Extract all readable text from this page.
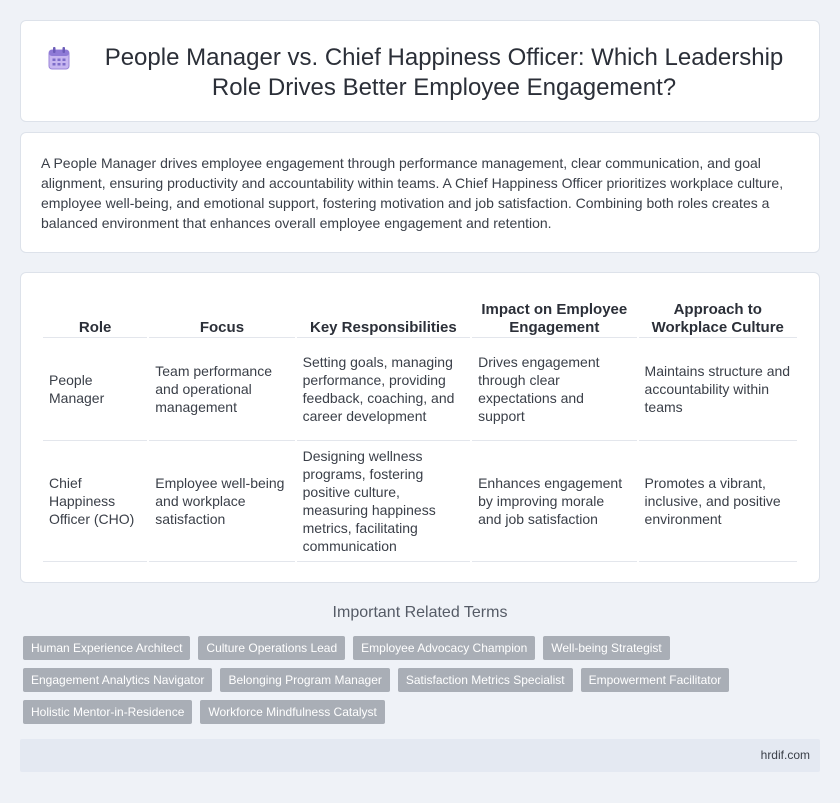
People Manager vs. Chief Happiness Officer: Which Leadership Role Drives Better Employee Engagement?
A People Manager drives employee engagement through performance management, clear communication, and goal alignment, ensuring productivity and accountability within teams. A Chief Happiness Officer prioritizes workplace culture, employee well-being, and emotional support, fostering motivation and job satisfaction. Combining both roles creates a balanced environment that enhances overall employee engagement and retention.
Role	Focus	Key Responsibilities	Impact on Employee Engagement	Approach to Workplace Culture
People Manager	Team performance and operational management	Setting goals, managing performance, providing feedback, coaching, and career development	Drives engagement through clear expectations and support	Maintains structure and accountability within teams
Chief Happiness Officer (CHO)	Employee well-being and workplace satisfaction	Designing wellness programs, fostering positive culture, measuring happiness metrics, facilitating communication	Enhances engagement by improving morale and job satisfaction	Promotes a vibrant, inclusive, and positive environment
Important Related Terms
Human Experience Architect	Culture Operations Lead	Employee Advocacy Champion	Well-being Strategist
Engagement Analytics Navigator	Belonging Program Manager	Satisfaction Metrics Specialist	Empowerment Facilitator
Holistic Mentor-in-Residence	Workforce Mindfulness Catalyst
hrdif.com
